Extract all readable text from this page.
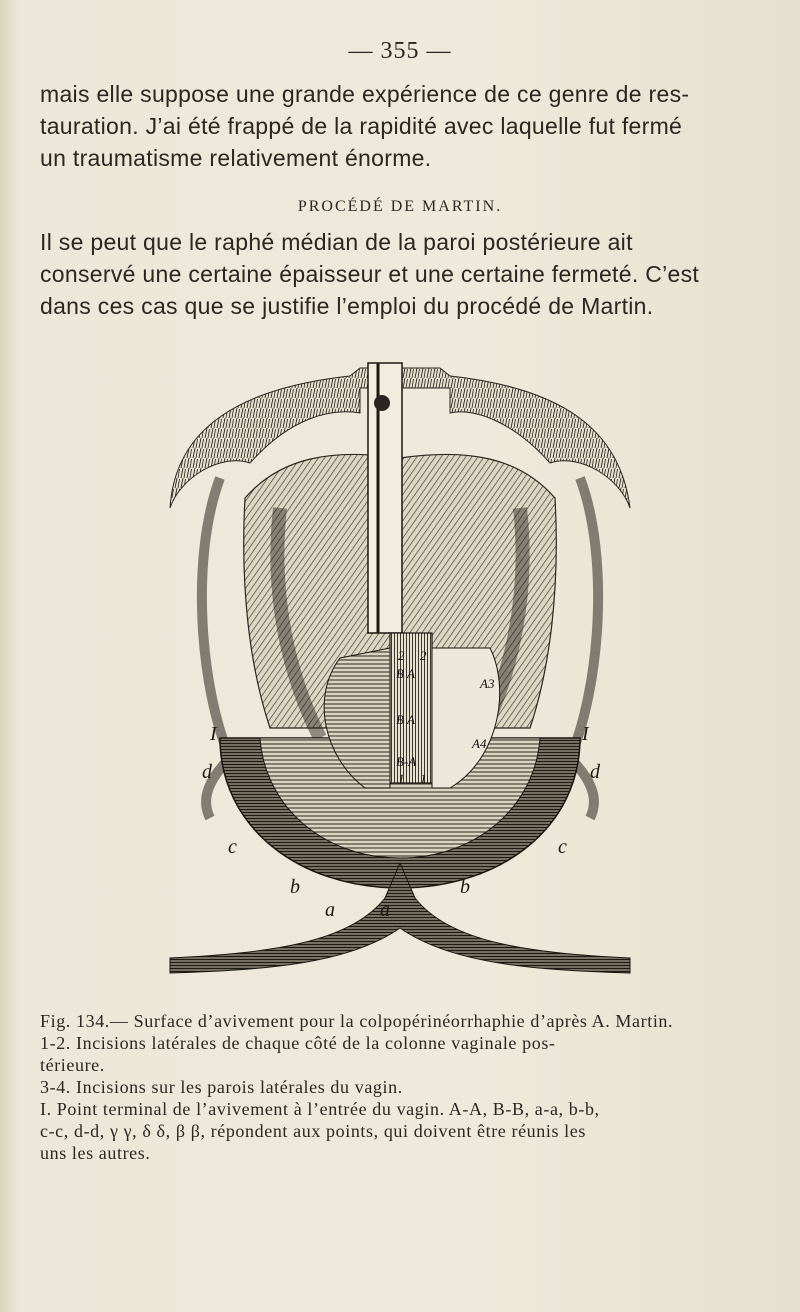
— 355 —

mais elle suppose une grande expérience de ce genre de res-
tauration. J’ai été frappé de la rapidité avec laquelle fut fermé
un traumatisme relativement énorme.

PROCÉDÉ DE MARTIN.

Il se peut que le raphé médian de la paroi postérieure ait
conservé une certaine épaisseur et une certaine fermeté. C’est
dans ces cas que se justifie l’emploi du procédé de Martin.

2 2
B A
B A
B-A
1 1
A3
A4
I	I
d	d
c	c
b	b
a a
Fig. 134.— Surface d’avivement pour la colpopérinéorrhaphie d’après A. Martin.
1-2. Incisions latérales de chaque côté de la colonne vaginale pos-
térieure.
3-4. Incisions sur les parois latérales du vagin.
I. Point terminal de l’avivement à l’entrée du vagin. A-A, B-B, a-a, b-b,
c-c, d-d, γ γ, δ δ, β β, répondent aux points, qui doivent être réunis les
uns les autres.
